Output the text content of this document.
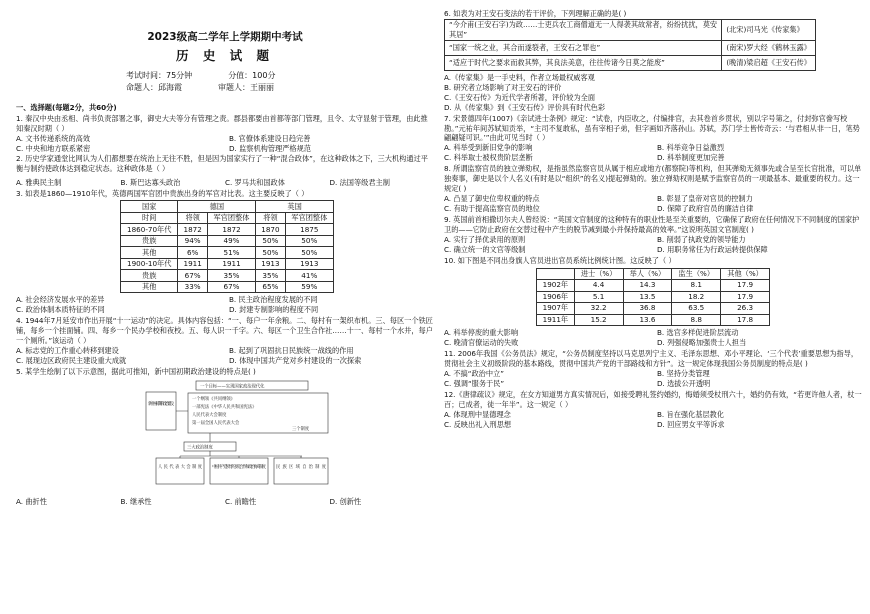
2023级高二学年上学期期中考试
历 史 试 题
考试时间：75分钟	分值：100分
命题人：邱海霞	审题人：王丽丽
一、选择题(每题2分，共60分)

1. 秦汉中央由丞相、尚书负责部署之事，御史大夫等分有管理之责。郡县都要由首都等部门管理，且令、太守显射于管理，由此推知秦汉时期（ ）

A. 文书传递系统的高效	B. 官僚体系建设日趋完善
C. 中央和地方联系紧密	D. 监察机构管理严格规范

2. 历史学家通堂比网认为人们都想要在统治上无往不胜，但是因为国家实行了一种“混合政体”，在这种政体之下，三大机构通过平衡与制约使政体达到稳定状态。这种政体是（ ）

A. 雅典民主制	B. 斯巴达寡头政治	C. 罗马共和国政体	D. 法国等级君主制

3. 如表是1860—1910年代，英德两国军官团中贵族出身的军官对比表。这主要反映了（ ）

国家	德国		英国	
时间	将领	军官团整体	将领	军官团整体
1860-70年代	1872	1872	1870	1875
贵族	94%	49%	50%	50%
其他	6%	51%	50%	50%
1900-10年代	1911	1911	1913	1913
贵族	67%	35%	35%	41%
其他	33%	67%	65%	59%
A. 社会经济发展水平的差异	B. 民主政治程度发展的不同
C. 政治体制本质特征的不同	D. 封建专制影响的程度不同

4. 1944年7月延安市作出开展“十一运动”的决定。具体内容包括：“一、每户一年余粮。二、每村有一架织布机。三、每区一个铁匠铺，每乡一个挂面铺。四、每乡一个民办学校和夜校。五、每人识一千字。六、每区一个卫生合作社……十一、每村一个水井，每户一个厕所。”该运动（ ）

A. 标志党的工作重心转移到建设	B. 起到了巩固抗日民族统一战线的作用
C. 展现边区政府民主建设重大成就	D. 体现中国共产党对乡村建设的一次探索

5. 某学生绘制了以下示意图，据此可推知，新中国初期政治建设的特点是( )

一个目标——实现国家政治现代化
新中国初期的政治建设
一个纲领《共同纲领》
一部宪法《中华人民共和国宪法》
人民代表大会制度
第一届全国人民代表大会
三个制度
三大政治制度
人民代表大会制度 中国共产党领导的多党合作和政治协商制度 民族区域自治制度
A. 曲折性	B. 继承性	C. 前瞻性	D. 创新性

6. 如表为对王安石变法的若干评价，下列理解正确的是( )

“今介甫(王安石字)为政……士吏兵农工商僧道无一人得袭其故常者，纷纷扰扰，莫安其居”	(北宋)司马光《传家集》
“国家一统之业，其合而遂裂者，王安石之罪也”	(南宋)罗大经《鹤林玉露》
“适应于时代之要求而救其弊，其良法美意，往往传诸今日莫之能废”	(晚清)梁启超《王安石传》

A.《传家集》是一手史料，作者立场最权威客观

B. 研究者立场影响了对王安石的评价

C.《王安石传》为近代学者所著，评价较为全面

D. 从《传家集》到《王安石传》评价具有时代色彩

7. 宋景德四年(1007)《亲试进士条例》规定：“试卷，内臣收之，付编排官，去其卷首乡贯状，别以字号第之，付封弥官誊写校勘。”元祐年间苏轼知贡举，“主司不复敢私，虽有宰相子弟，但字画如齐落孙山。苏轼，苏门学士皆传奇云：‘与君相从非一日，笔势翩翩疑可识。’”由此可见当时（ ）

A. 科举受到新旧党争的影响	B. 科举竞争日益激烈
C. 科举取士被权贵阶层垄断	D. 科举制度更加完善

8. 所谓监察官员的独立弹劾权，是指虽然监察官员从属于相应或地方(都察院)等机构，但其弹劾无须事先或合呈至长官批准，可以单独奏事，御史是以个人名义(有时是以“组织”的名义)提起弹劾的。独立弹劾权则是赋予监察官员的一项最基本、最重要的权力。这一规定( )

A. 凸显了御史位卑权重的特点	B. 彰显了皇帝对官员的控制力
C. 有助于提高监察官员的地位	D. 保障了政府官员的廉洁自律

9. 英国前首相撒切尔夫人曾经说：“英国文官制度的这种特有的职业性是至关重要的，它确保了政府在任何情况下不同制度的国家护卫的——它防止政府在交替过程中产生的脱节减到最小并保持最高的效率。”这说明英国文官制度( )

A. 实行了择优录用的原则	B. 削弱了执政党的领导能力
C. 确立统一的文官等级制	D. 用职务常任为行政运转提供保障

10. 如下图是不同出身旗人官员进出官员系统比例统计图。这反映了（ ）

	进士（%）	举人（%）	监生（%）	其他（%）
1902年	4.4	14.3	8.1	17.9
1906年	5.1	13.5	18.2	17.9
1907年	32.2	36.8	63.5	26.3
1911年	15.2	13.6	8.8	17.8
A. 科举停废的重大影响	B. 选官多样促进阶层流动
C. 晚清官僚运动的失败	D. 列强侵略加强贵士人担当

11. 2006年我国《公务员法》规定，“公务员制度坚持以马克思列宁主义、毛泽东思想、邓小平理论、‘三个代表’重要思想为指导，贯彻社会主义初级阶段的基本路线，贯彻中国共产党的干部路线和方针”。这一规定体现我国公务员制度的特点是( )

A. 不搞“政治中立”	B. 坚持分类管理
C. 强调“服务于民”	D. 选拔公开透明

12.《唐律疏议》规定，在女方知道男方真实情况后，如接受聘礼签约婚约，悔婚须受杖刑六十，婚约仍有效，“若更许他人者，杖一百；已成者，徒一年半”。这一规定（ ）

A. 体现刑中显德理念	B. 旨在强化基层教化
C. 反映出礼入刑思想	D. 回应男女平等诉求
